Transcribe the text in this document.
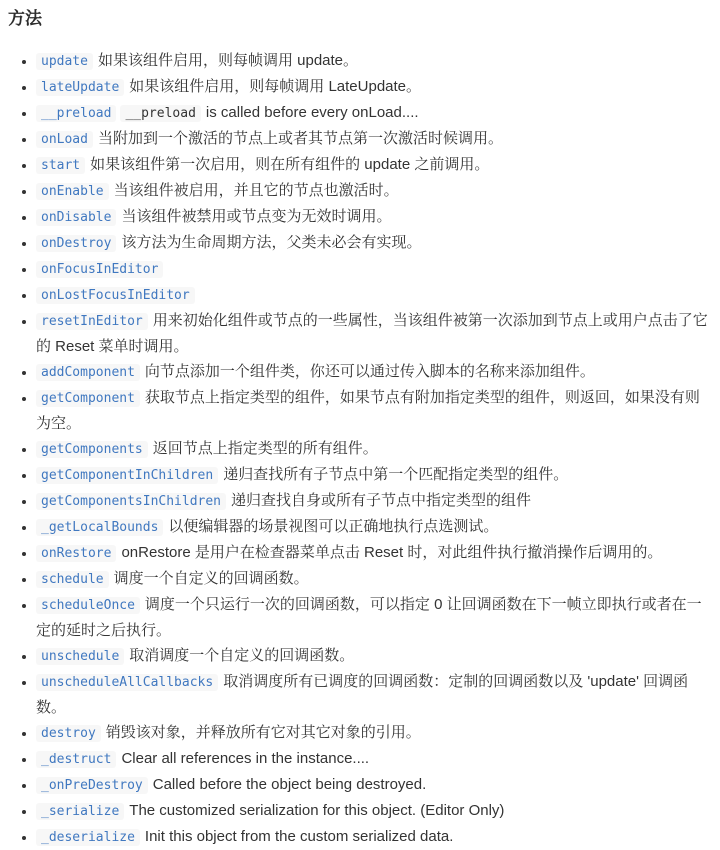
方法
• update 如果该组件启用，则每帧调用 update。
• lateUpdate 如果该组件启用，则每帧调用 LateUpdate。
• __preload __preload is called before every onLoad....
• onLoad 当附加到一个激活的节点上或者其节点第一次激活时候调用。
• start 如果该组件第一次启用，则在所有组件的 update 之前调用。
• onEnable 当该组件被启用，并且它的节点也激活时。
• onDisable 当该组件被禁用或节点变为无效时调用。
• onDestroy 该方法为生命周期方法，父类未必会有实现。
• onFocusInEditor
• onLostFocusInEditor
• resetInEditor 用来初始化组件或节点的一些属性，当该组件被第一次添加到节点上或用户点击了它的 Reset 菜单时调用。
• addComponent 向节点添加一个组件类，你还可以通过传入脚本的名称来添加组件。
• getComponent 获取节点上指定类型的组件，如果节点有附加指定类型的组件，则返回，如果没有则为空。
• getComponents 返回节点上指定类型的所有组件。
• getComponentInChildren 递归查找所有子节点中第一个匹配指定类型的组件。
• getComponentsInChildren 递归查找自身或所有子节点中指定类型的组件
• _getLocalBounds 以便编辑器的场景视图可以正确地执行点选测试。
• onRestore onRestore 是用户在检查器菜单点击 Reset 时，对此组件执行撤消操作后调用的。
• schedule 调度一个自定义的回调函数。
• scheduleOnce 调度一个只运行一次的回调函数，可以指定 0 让回调函数在下一帧立即执行或者在一定的延时之后执行。
• unschedule 取消调度一个自定义的回调函数。
• unscheduleAllCallbacks 取消调度所有已调度的回调函数：定制的回调函数以及 'update' 回调函数。
• destroy 销毁该对象，并释放所有它对其它对象的引用。
• _destruct Clear all references in the instance....
• _onPreDestroy Called before the object being destroyed.
• _serialize The customized serialization for this object. (Editor Only)
• _deserialize Init this object from the custom serialized data.
